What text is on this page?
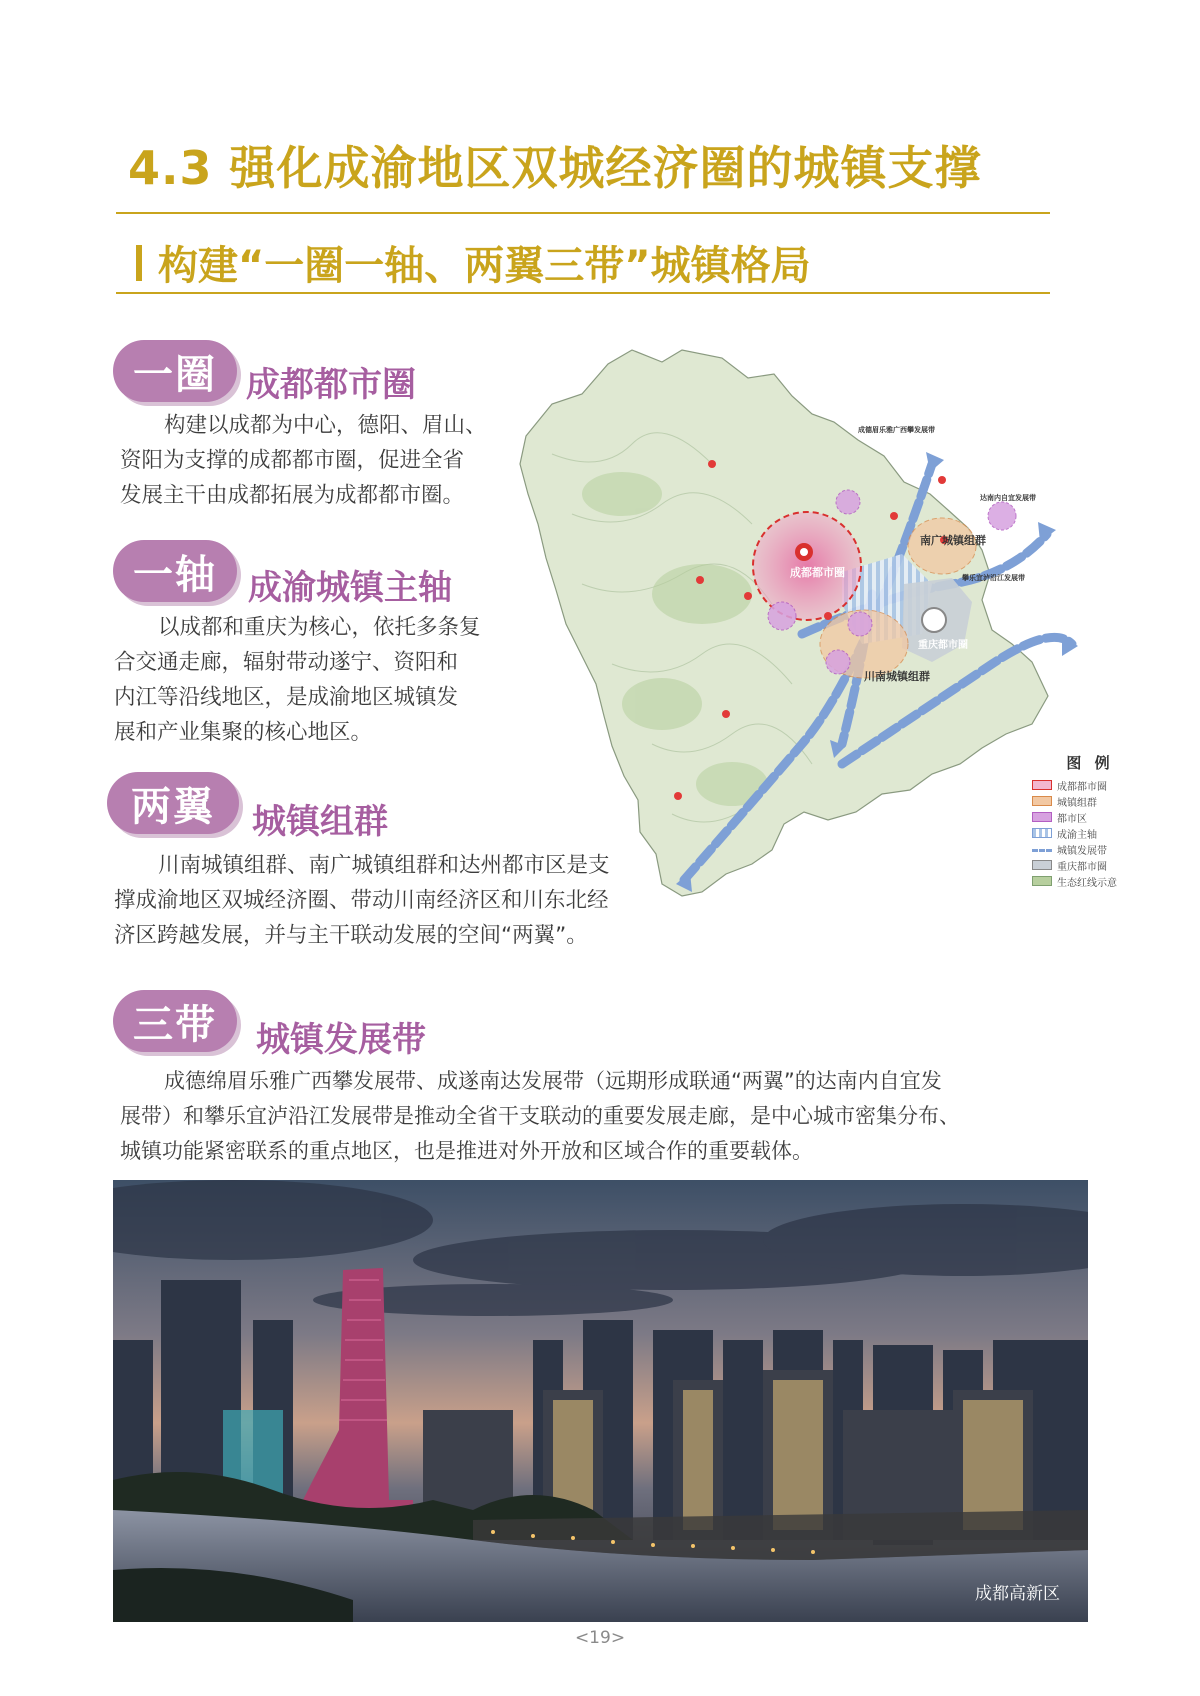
4.3 强化成渝地区双城经济圈的城镇支撑
构建“一圈一轴、两翼三带”城镇格局
一圈 成都都市圈
构建以成都为中心，德阳、眉山、
资阳为支撑的成都都市圈，促进全省
发展主干由成都拓展为成都都市圈。
一轴 成渝城镇主轴
以成都和重庆为核心，依托多条复
合交通走廊，辐射带动遂宁、资阳和
内江等沿线地区，是成渝地区城镇发
展和产业集聚的核心地区。
两翼	城镇组群
川南城镇组群、南广城镇组群和达州都市区是支
撑成渝地区双城经济圈、带动川南经济区和川东北经
济区跨越发展，并与主干联动发展的空间“两翼”。
三带	城镇发展带
成德绵眉乐雅广西攀发展带、成遂南达发展带（远期形成联通“两翼”的达南内自宜发
展带）和攀乐宜泸沿江发展带是推动全省干支联动的重要发展走廊，是中心城市密集分布、
城镇功能紧密联系的重点地区，也是推进对外开放和区域合作的重要载体。
成都都市圈
南广城镇组群
川南城镇组群
重庆都市圈
成德眉乐雅广西攀发展带
达南内自宜发展带
攀乐宜泸沿江发展带
图 例
成都都市圈
城镇组群
都市区
成渝主轴
城镇发展带
重庆都市圈
生态红线示意
成都高新区
<19>
